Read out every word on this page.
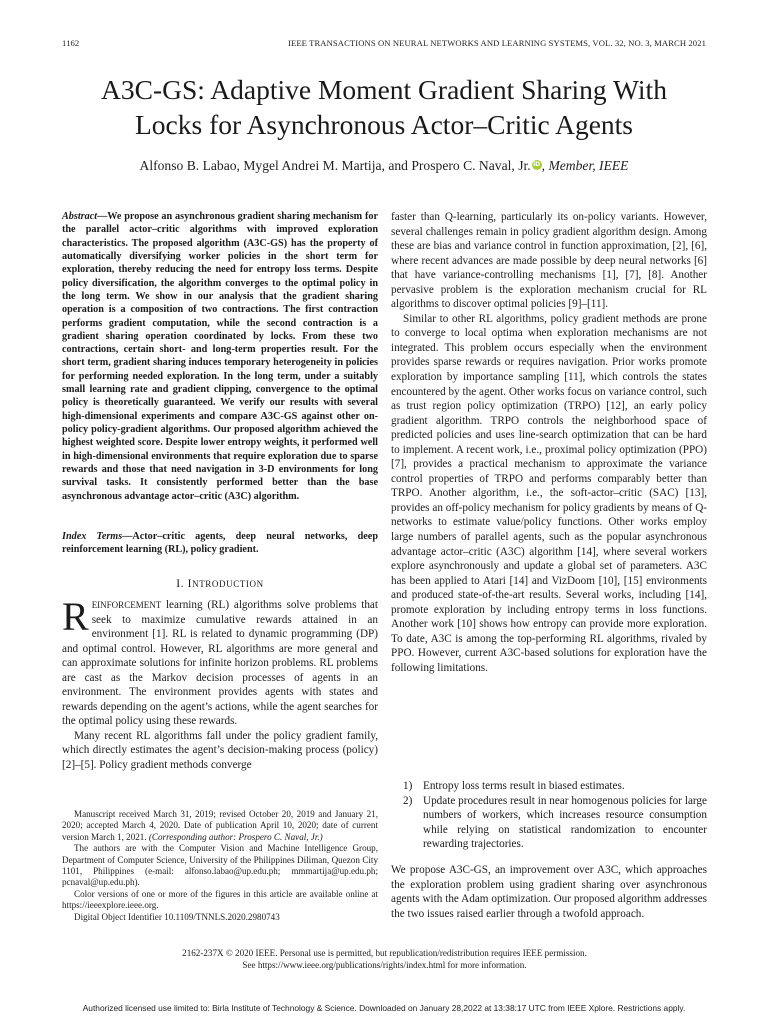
1162	IEEE TRANSACTIONS ON NEURAL NETWORKS AND LEARNING SYSTEMS, VOL. 32, NO. 3, MARCH 2021
A3C-GS: Adaptive Moment Gradient Sharing With
Locks for Asynchronous Actor–Critic Agents
Alfonso B. Labao, Mygel Andrei M. Martija, and Prospero C. Naval, Jr. iD, Member, IEEE

Abstract—We propose an asynchronous gradient sharing mechanism for the parallel actor–critic algorithms with improved exploration characteristics. The proposed algorithm (A3C-GS) has the property of automatically diversifying worker policies in the short term for exploration, thereby reducing the need for entropy loss terms. Despite policy diversification, the algorithm converges to the optimal policy in the long term. We show in our analysis that the gradient sharing operation is a composition of two contractions. The first contraction performs gradient computation, while the second contraction is a gradient sharing operation coordinated by locks. From these two contractions, certain short- and long-term properties result. For the short term, gradient sharing induces temporary heterogeneity in policies for performing needed exploration. In the long term, under a suitably small learning rate and gradient clipping, convergence to the optimal policy is theoretically guaranteed. We verify our results with several high-dimensional experiments and compare A3C-GS against other on-policy policy-gradient algorithms. Our proposed algorithm achieved the highest weighted score. Despite lower entropy weights, it performed well in high-dimensional environments that require exploration due to sparse rewards and those that need navigation in 3-D environments for long survival tasks. It consistently performed better than the base asynchronous advantage actor–critic (A3C) algorithm.

Index Terms—Actor–critic agents, deep neural networks, deep reinforcement learning (RL), policy gradient.

I. INTRODUCTION

REINFORCEMENT learning (RL) algorithms solve problems that seek to maximize cumulative rewards attained in an environment [1]. RL is related to dynamic programming (DP) and optimal control. However, RL algorithms are more general and can approximate solutions for infinite horizon problems. RL problems are cast as the Markov decision processes of agents in an environment. The environment provides agents with states and rewards depending on the agent’s actions, while the agent searches for the optimal policy using these rewards.

Many recent RL algorithms fall under the policy gradient family, which directly estimates the agent’s decision-making process (policy) [2]–[5]. Policy gradient methods converge

Manuscript received March 31, 2019; revised October 20, 2019 and January 21, 2020; accepted March 4, 2020. Date of publication April 10, 2020; date of current version March 1, 2021. (Corresponding author: Prospero C. Naval, Jr.)

The authors are with the Computer Vision and Machine Intelligence Group, Department of Computer Science, University of the Philippines Diliman, Quezon City 1101, Philippines (e-mail: alfonso.labao@up.edu.ph; mmmartija@up.edu.ph; pcnaval@up.edu.ph).

Color versions of one or more of the figures in this article are available online at https://ieeexplore.ieee.org.

Digital Object Identifier 10.1109/TNNLS.2020.2980743

faster than Q-learning, particularly its on-policy variants. However, several challenges remain in policy gradient algorithm design. Among these are bias and variance control in function approximation, [2], [6], where recent advances are made possible by deep neural networks [6] that have variance-controlling mechanisms [1], [7], [8]. Another pervasive problem is the exploration mechanism crucial for RL algorithms to discover optimal policies [9]–[11].

Similar to other RL algorithms, policy gradient methods are prone to converge to local optima when exploration mechanisms are not integrated. This problem occurs especially when the environment provides sparse rewards or requires navigation. Prior works promote exploration by importance sampling [11], which controls the states encountered by the agent. Other works focus on variance control, such as trust region policy optimization (TRPO) [12], an early policy gradient algorithm. TRPO controls the neighborhood space of predicted policies and uses line-search optimization that can be hard to implement. A recent work, i.e., proximal policy optimization (PPO) [7], provides a practical mechanism to approximate the variance control properties of TRPO and performs comparably better than TRPO. Another algorithm, i.e., the soft-actor–critic (SAC) [13], provides an off-policy mechanism for policy gradients by means of Q-networks to estimate value/policy functions. Other works employ large numbers of parallel agents, such as the popular asynchronous advantage actor–critic (A3C) algorithm [14], where several workers explore asynchronously and update a global set of parameters. A3C has been applied to Atari [14] and VizDoom [10], [15] environments and produced state-of-the-art results. Several works, including [14], promote exploration by including entropy terms in loss functions. Another work [10] shows how entropy can provide more exploration. To date, A3C is among the top-performing RL algorithms, rivaled by PPO. However, current A3C-based solutions for exploration have the following limitations.

1) Entropy loss terms result in biased estimates.
2) Update procedures result in near homogenous policies for large numbers of workers, which increases resource consumption while relying on statistical randomization to encounter rewarding trajectories.

We propose A3C-GS, an improvement over A3C, which approaches the exploration problem using gradient sharing over asynchronous agents with the Adam optimization. Our proposed algorithm addresses the two issues raised earlier through a twofold approach.

2162-237X © 2020 IEEE. Personal use is permitted, but republication/redistribution requires IEEE permission.
See https://www.ieee.org/publications/rights/index.html for more information.
Authorized licensed use limited to: Birla Institute of Technology & Science. Downloaded on January 28,2022 at 13:38:17 UTC from IEEE Xplore. Restrictions apply.
